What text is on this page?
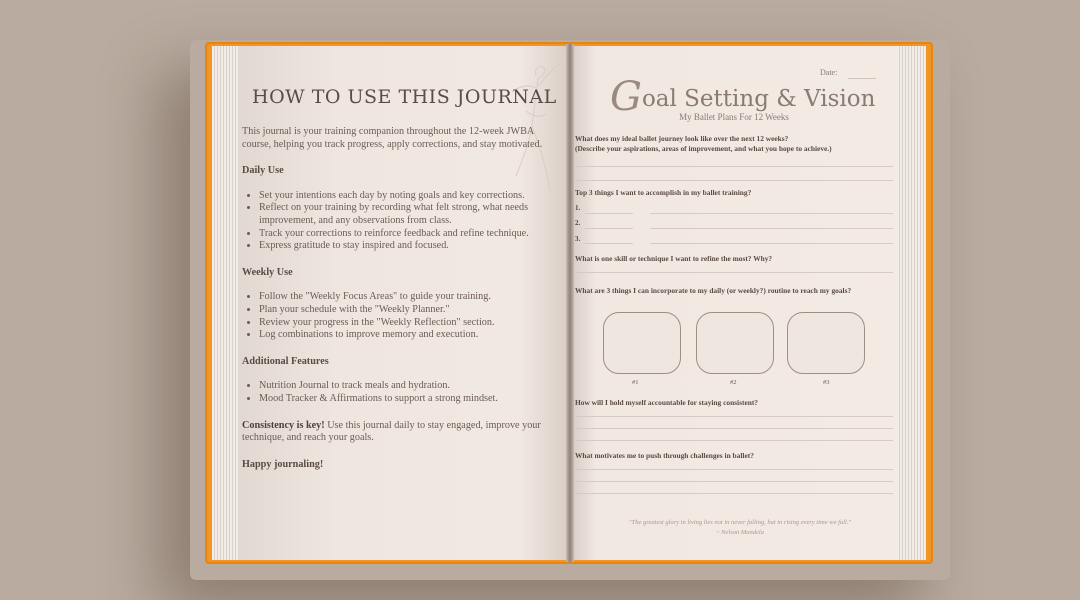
HOW TO USE THIS JOURNAL

This journal is your training companion throughout the 12-week JWBA course, helping you track progress, apply corrections, and stay motivated.

Daily Use
• Set your intentions each day by noting goals and key corrections.
• Reflect on your training by recording what felt strong, what needs improvement, and any observations from class.
• Track your corrections to reinforce feedback and refine technique.
• Express gratitude to stay inspired and focused.
Weekly Use
• Follow the "Weekly Focus Areas" to guide your training.
• Plan your schedule with the "Weekly Planner."
• Review your progress in the "Weekly Reflection" section.
• Log combinations to improve memory and execution.
Additional Features
• Nutrition Journal to track meals and hydration.
• Mood Tracker & Affirmations to support a strong mindset.

Consistency is key! Use this journal daily to stay engaged, improve your technique, and reach your goals.

Happy journaling!

Date:
Goal Setting & Vision
My Ballet Plans For 12 Weeks
What does my ideal ballet journey look like over the next 12 weeks?
(Describe your aspirations, areas of improvement, and what you hope to achieve.)
Top 3 things I want to accomplish in my ballet training?
1.
2.
3.
What is one skill or technique I want to refine the most? Why?
What are 3 things I can incorporate to my daily (or weekly?) routine to reach my goals?
#1	#2	#3
How will I hold myself accountable for staying consistent?
What motivates me to push through challenges in ballet?
"The greatest glory in living lies not in never falling, but in rising every time we fall."
~ Nelson Mandela
